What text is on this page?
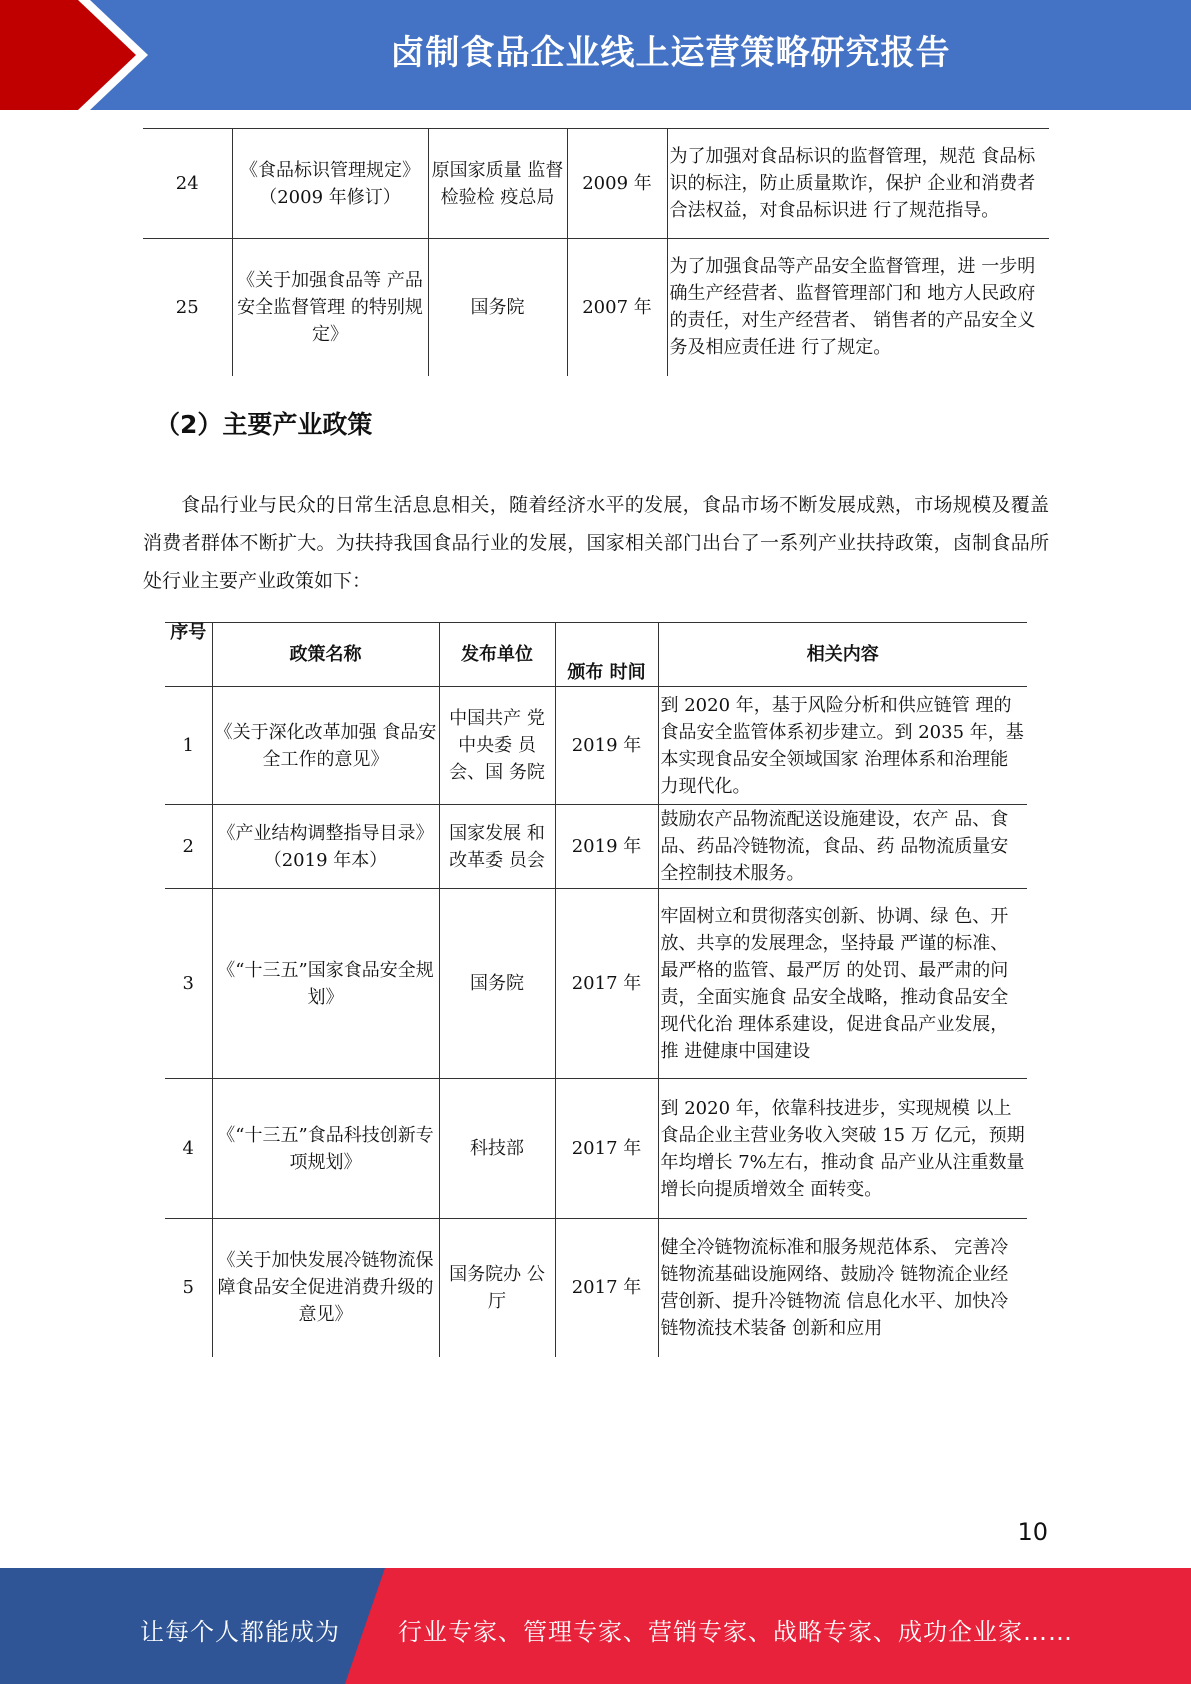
卤制食品企业线上运营策略研究报告
24	《食品标识管理规定》（2009 年修订）	原国家质量 监督检验检 疫总局	2009 年	为了加强对食品标识的监督管理，规范 食品标识的标注，防止质量欺诈，保护 企业和消费者合法权益，对食品标识进 行了规范指导。
25	《关于加强食品等 产品安全监督管理 的特别规定》	国务院	2007 年	为了加强食品等产品安全监督管理，进 一步明确生产经营者、监督管理部门和 地方人民政府的责任，对生产经营者、 销售者的产品安全义务及相应责任进 行了规定。
（2）主要产业政策
食品行业与民众的日常生活息息相关，随着经济水平的发展，食品市场不断发展成熟，市场规模及覆盖消费者群体不断扩大。为扶持我国食品行业的发展，国家相关部门出台了一系列产业扶持政策，卤制食品所处行业主要产业政策如下：
序号	政策名称	发布单位	颁布 时间	相关内容
1	《关于深化改革加强 食品安全工作的意见》	中国共产 党中央委 员会、国 务院	2019 年	到 2020 年，基于风险分析和供应链管 理的食品安全监管体系初步建立。到 2035 年，基本实现食品安全领域国家 治理体系和治理能力现代化。
2	《产业结构调整指导目录》（2019 年本）	国家发展 和改革委 员会	2019 年	鼓励农产品物流配送设施建设，农产 品、食品、药品冷链物流，食品、药 品物流质量安全控制技术服务。
3	《“十三五”国家食品安全规划》	国务院	2017 年	牢固树立和贯彻落实创新、协调、绿 色、开放、共享的发展理念，坚持最 严谨的标准、最严格的监管、最严厉 的处罚、最严肃的问责，全面实施食 品安全战略，推动食品安全现代化治 理体系建设，促进食品产业发展，推 进健康中国建设
4	《“十三五”食品科技创新专项规划》	科技部	2017 年	到 2020 年，依靠科技进步，实现规模 以上食品企业主营业务收入突破 15 万 亿元，预期年均增长 7%左右，推动食 品产业从注重数量增长向提质增效全 面转变。
5	《关于加快发展冷链物流保障食品安全促进消费升级的意见》	国务院办 公厅	2017 年	健全冷链物流标准和服务规范体系、 完善冷链物流基础设施网络、鼓励冷 链物流企业经营创新、提升冷链物流 信息化水平、加快冷链物流技术装备 创新和应用
10
让每个人都能成为 行业专家、管理专家、营销专家、战略专家、成功企业家……
